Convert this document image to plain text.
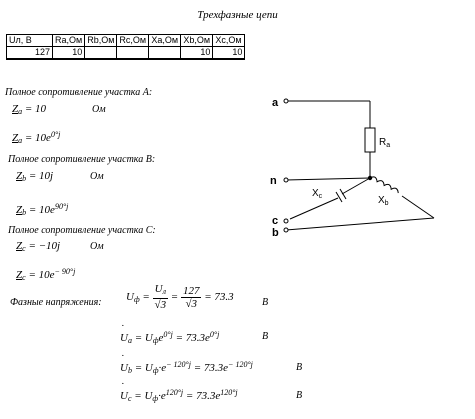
Трехфазные цепи
Uл, В	Ra,Ом	Rb,Ом	Rc,Ом	Xa,Ом	Xb,Ом	Xc,Ом
127	10				10	10
Полное сопротивление участка A:
$Z_a = 10$	Ом
$Z_a = 10e^{0^\circ j}$
Полное сопротивление участка B:
$Z_b = 10j$	Ом
$Z_b = 10e^{90^\circ j}$
Полное сопротивление участка C:
$Z_c = -10j$	Ом
$Z_c = 10e^{- 90^\circ j}$
Фазные напряжения: $U_ф = \frac{U_л}{√3} = \frac{127}{√3} = 73.3$	В
˙ $U_a = U_фe^{0^\circ j} = 73.3e^{0^\circ j}$	В
˙ $U_b = U_ф\cdot e^{- 120^\circ j} = 73.3e^{- 120^\circ j}$	В
˙ $U_c = U_ф\cdot e^{120^\circ j} = 73.3e^{120^\circ j}$	В
a
n
c
b
$R_a$
$X_c$	$X_b$
